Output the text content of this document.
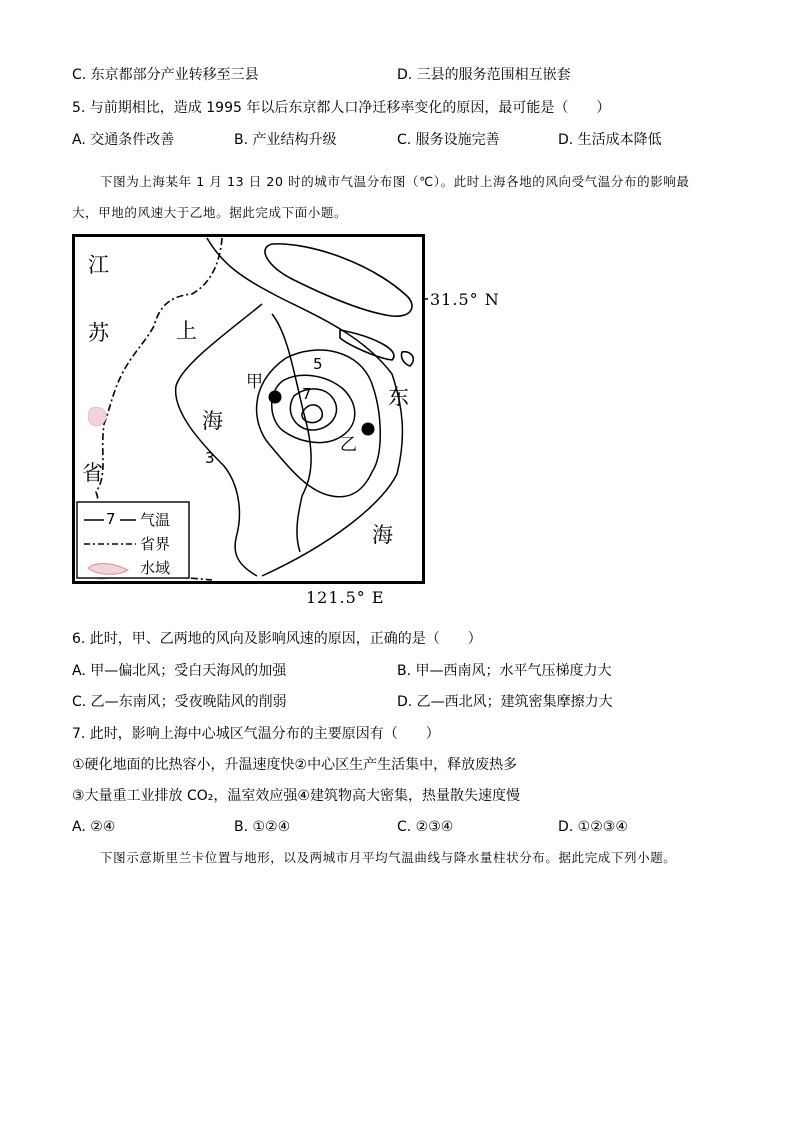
C. 东京都部分产业转移至三县	D. 三县的服务范围相互嵌套
5. 与前期相比，造成 1995 年以后东京都人口净迁移率变化的原因，最可能是（　　）
A. 交通条件改善	B. 产业结构升级	C. 服务设施完善	D. 生活成本降低
下图为上海某年 1 月 13 日 20 时的城市气温分布图（℃）。此时上海各地的风向受气温分布的影响最
大，甲地的风速大于乙地。据此完成下面小题。
江
苏
省
上
海
东
海
甲
乙
5
7
3
31.5° N
121.5° E
7 气温
省界
水域
6. 此时，甲、乙两地的风向及影响风速的原因，正确的是（　　）
A. 甲—偏北风；受白天海风的加强	B. 甲—西南风；水平气压梯度力大
C. 乙—东南风；受夜晚陆风的削弱	D. 乙—西北风；建筑密集摩擦力大
7. 此时，影响上海中心城区气温分布的主要原因有（　　）
①硬化地面的比热容小，升温速度快②中心区生产生活集中，释放废热多
③大量重工业排放 CO₂，温室效应强④建筑物高大密集，热量散失速度慢
A. ②④	B. ①②④	C. ②③④	D. ①②③④
下图示意斯里兰卡位置与地形，以及两城市月平均气温曲线与降水量柱状分布。据此完成下列小题。
